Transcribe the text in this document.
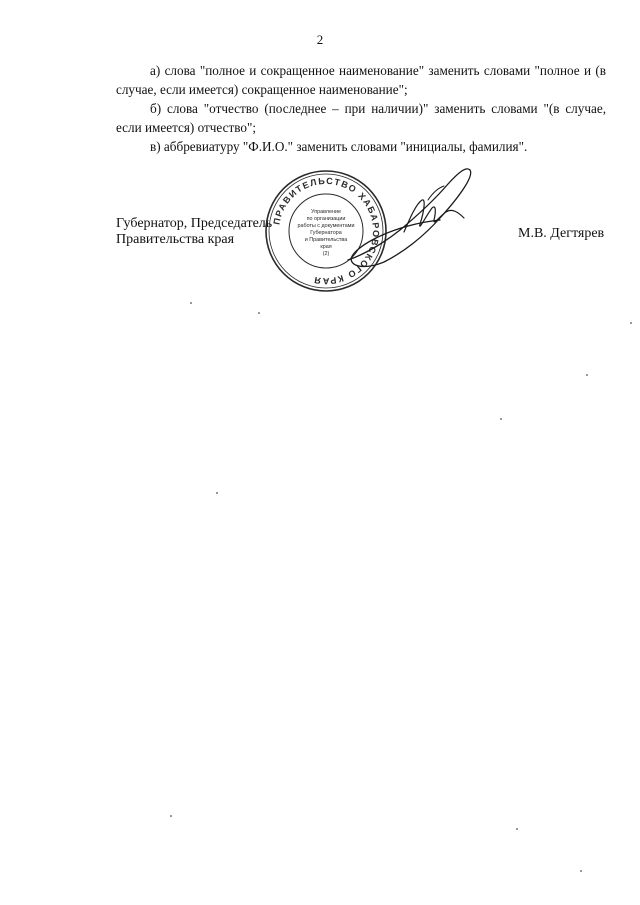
2

а) слова "полное и сокращенное наименование" заменить словами "полное и (в случае, если имеется) сокращенное наименование";

б) слова "отчество (последнее – при наличии)" заменить словами "(в случае, если имеется) отчество";

в) аббревиатуру "Ф.И.О." заменить словами "инициалы, фамилия".

Губернатор, Председатель
Правительства края	М.В. Дегтярев
ПРАВИТЕЛЬСТВО ХАБАРОВСКОГО КРАЯ
Управление
по организации
работы с документами
Губернатора
и Правительства
края
(2)
